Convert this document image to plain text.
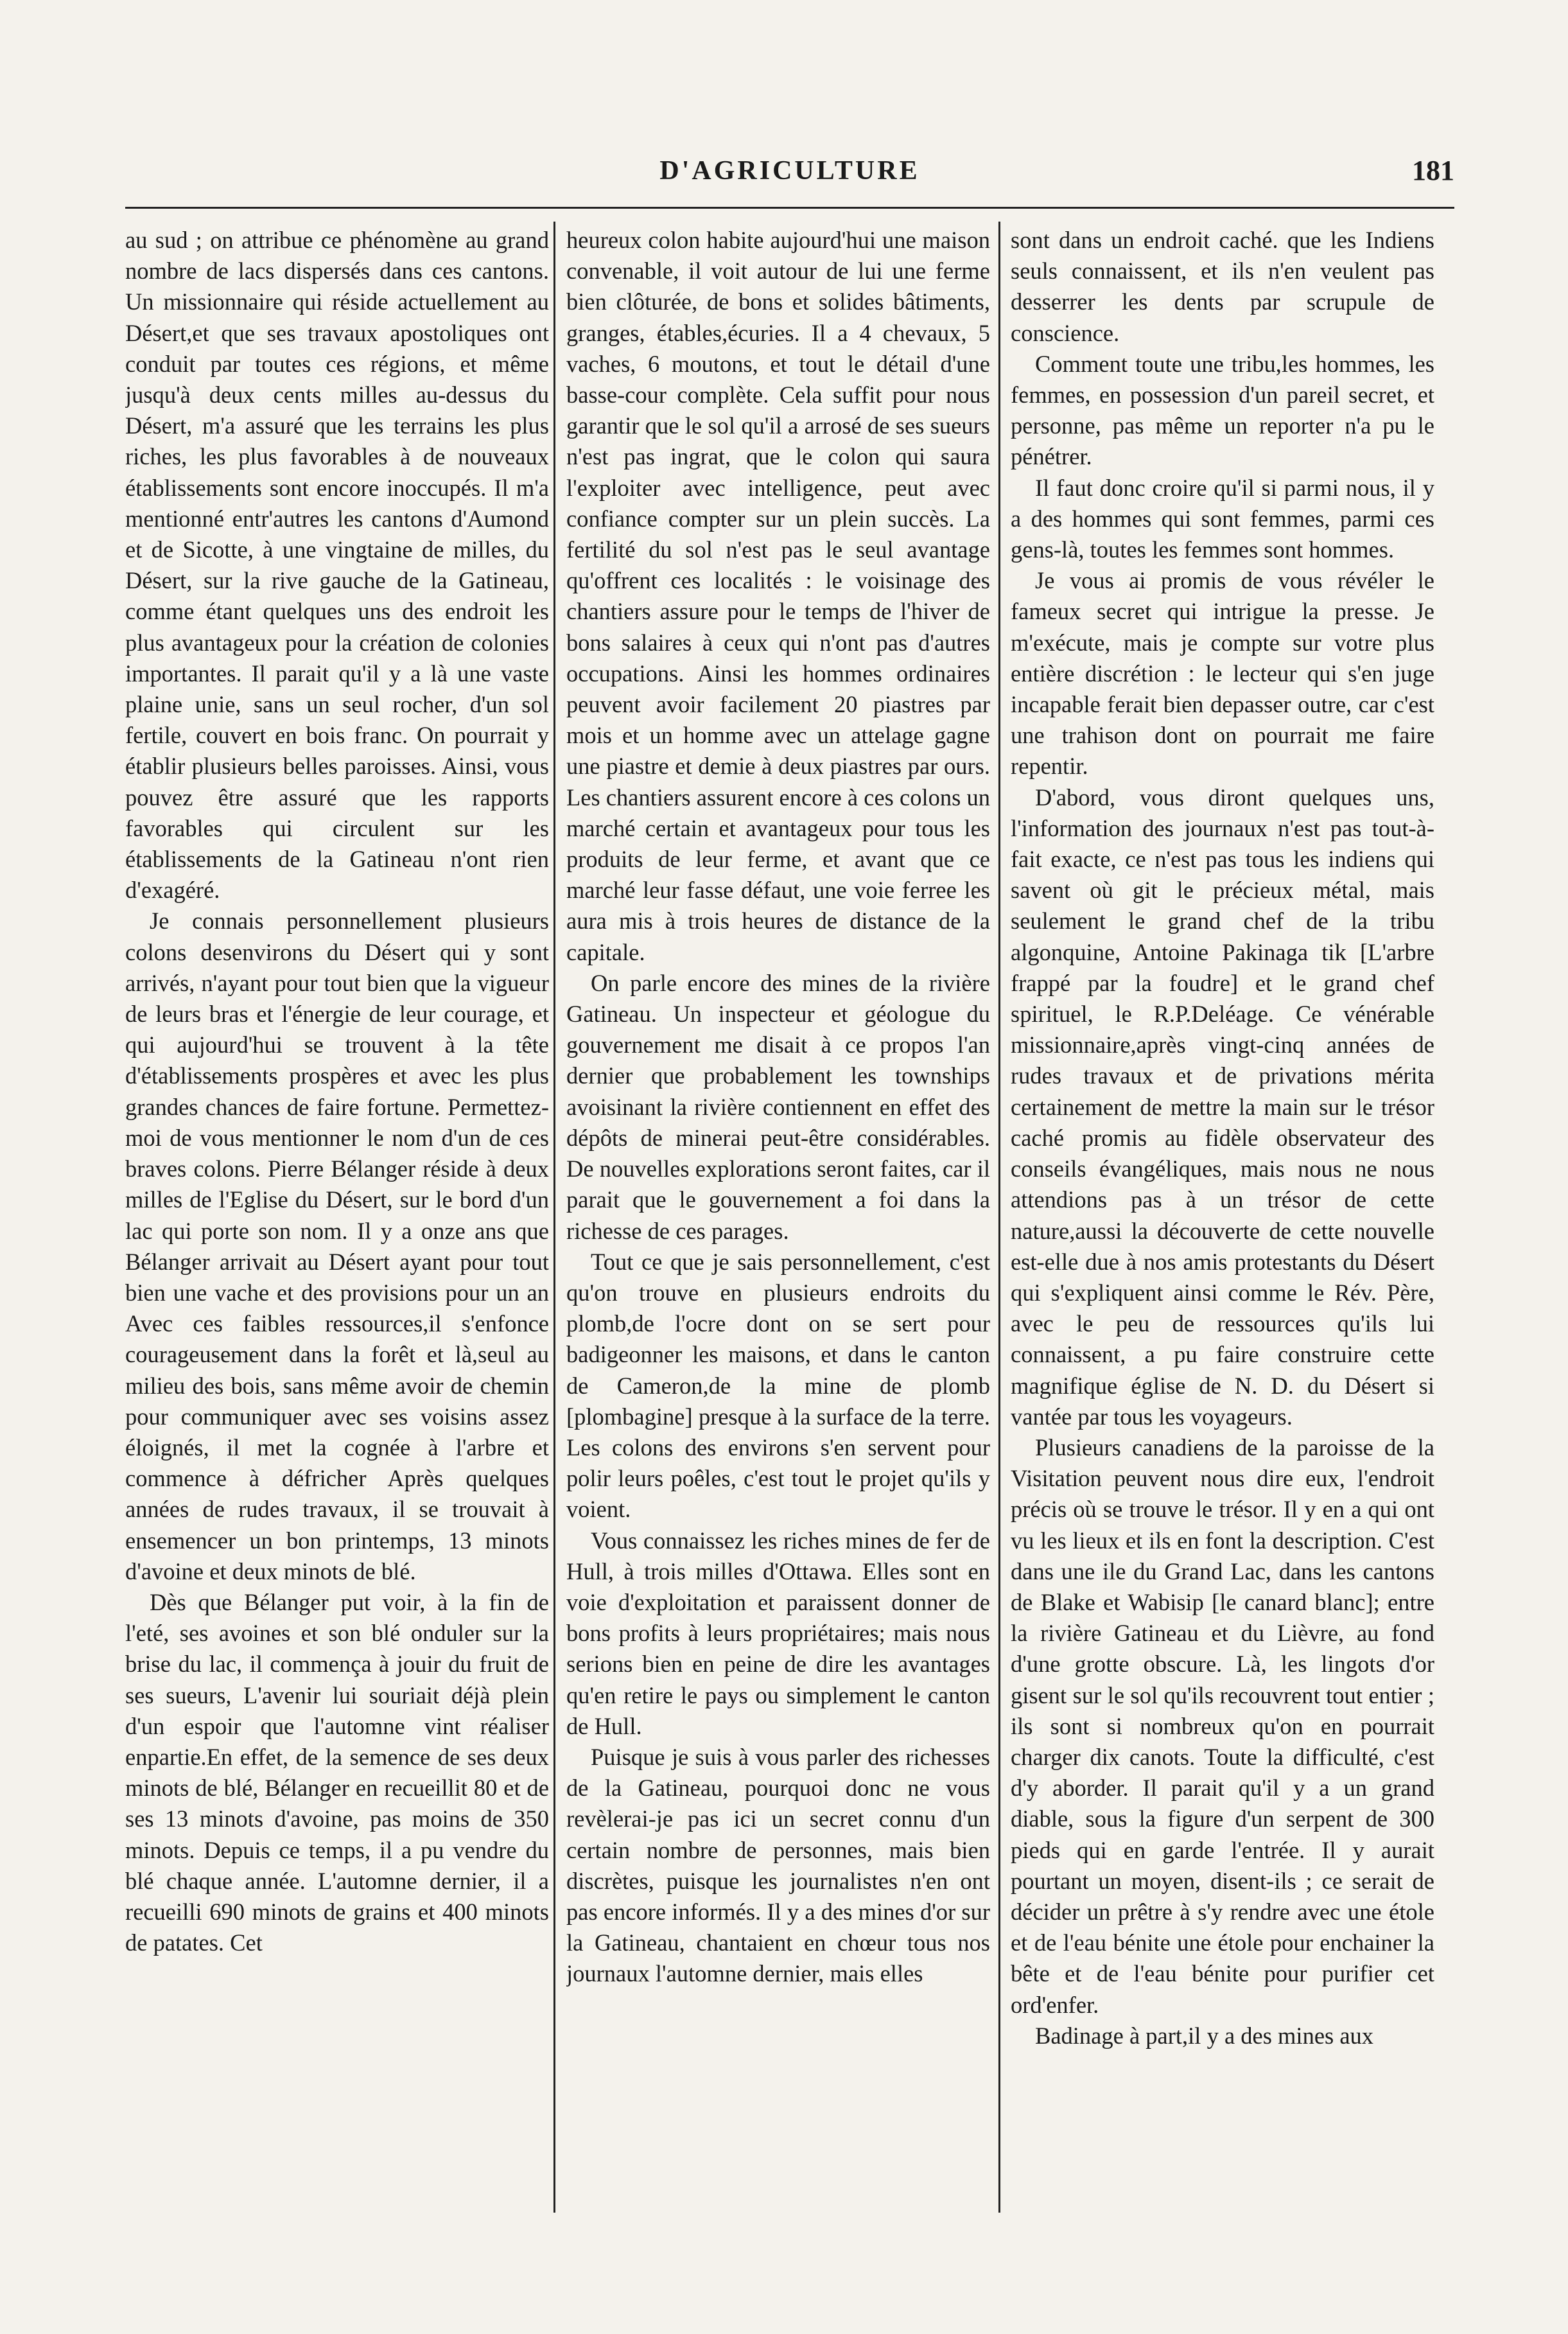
D'AGRICULTURE	181

au sud ; on attribue ce phénomène au grand nombre de lacs dispersés dans ces cantons. Un missionnaire qui réside actuellement au Désert,et que ses travaux apostoliques ont conduit par toutes ces régions, et même jusqu'à deux cents milles au-dessus du Désert, m'a assuré que les terrains les plus riches, les plus favorables à de nouveaux établissements sont encore inoccupés. Il m'a mentionné entr'autres les cantons d'Aumond et de Sicotte, à une vingtaine de milles, du Désert, sur la rive gauche de la Gatineau, comme étant quelques uns des endroit les plus avantageux pour la création de colonies importantes. Il parait qu'il y a là une vaste plaine unie, sans un seul rocher, d'un sol fertile, couvert en bois franc. On pourrait y établir plusieurs belles paroisses. Ainsi, vous pouvez être assuré que les rapports favorables qui circulent sur les établissements de la Gatineau n'ont rien d'exagéré.

Je connais personnellement plusieurs colons desenvirons du Désert qui y sont arrivés, n'ayant pour tout bien que la vigueur de leurs bras et l'énergie de leur courage, et qui aujourd'hui se trouvent à la tête d'établissements prospères et avec les plus grandes chances de faire fortune. Permettez-moi de vous mentionner le nom d'un de ces braves colons. Pierre Bélanger réside à deux milles de l'Eglise du Désert, sur le bord d'un lac qui porte son nom. Il y a onze ans que Bélanger arrivait au Désert ayant pour tout bien une vache et des provisions pour un an Avec ces faibles ressources,il s'enfonce courageusement dans la forêt et là,seul au milieu des bois, sans même avoir de chemin pour communiquer avec ses voisins assez éloignés, il met la cognée à l'arbre et commence à défricher Après quelques années de rudes travaux, il se trouvait à ensemencer un bon printemps, 13 minots d'avoine et deux minots de blé.

Dès que Bélanger put voir, à la fin de l'eté, ses avoines et son blé onduler sur la brise du lac, il commença à jouir du fruit de ses sueurs, L'avenir lui souriait déjà plein d'un espoir que l'automne vint réaliser enpartie.En effet, de la semence de ses deux minots de blé, Bélanger en recueillit 80 et de ses 13 minots d'avoine, pas moins de 350 minots. Depuis ce temps, il a pu vendre du blé chaque année. L'automne dernier, il a recueilli 690 minots de grains et 400 minots de patates. Cet

heureux colon habite aujourd'hui une maison convenable, il voit autour de lui une ferme bien clôturée, de bons et solides bâtiments, granges, étables,écuries. Il a 4 chevaux, 5 vaches, 6 moutons, et tout le détail d'une basse-cour complète. Cela suffit pour nous garantir que le sol qu'il a arrosé de ses sueurs n'est pas ingrat, que le colon qui saura l'exploiter avec intelligence, peut avec confiance compter sur un plein succès. La fertilité du sol n'est pas le seul avantage qu'offrent ces localités : le voisinage des chantiers assure pour le temps de l'hiver de bons salaires à ceux qui n'ont pas d'autres occupations. Ainsi les hommes ordinaires peuvent avoir facilement 20 piastres par mois et un homme avec un attelage gagne une piastre et demie à deux piastres par ours. Les chantiers assurent encore à ces colons un marché certain et avantageux pour tous les produits de leur ferme, et avant que ce marché leur fasse défaut, une voie ferree les aura mis à trois heures de distance de la capitale.

On parle encore des mines de la rivière Gatineau. Un inspecteur et géologue du gouvernement me disait à ce propos l'an dernier que probablement les townships avoisinant la rivière contiennent en effet des dépôts de minerai peut-être considérables. De nouvelles explorations seront faites, car il parait que le gouvernement a foi dans la richesse de ces parages.

Tout ce que je sais personnellement, c'est qu'on trouve en plusieurs endroits du plomb,de l'ocre dont on se sert pour badigeonner les maisons, et dans le canton de Cameron,de la mine de plomb [plombagine] presque à la surface de la terre. Les colons des environs s'en servent pour polir leurs poêles, c'est tout le projet qu'ils y voient.

Vous connaissez les riches mines de fer de Hull, à trois milles d'Ottawa. Elles sont en voie d'exploitation et paraissent donner de bons profits à leurs propriétaires; mais nous serions bien en peine de dire les avantages qu'en retire le pays ou simplement le canton de Hull.

Puisque je suis à vous parler des richesses de la Gatineau, pourquoi donc ne vous revèlerai-je pas ici un secret connu d'un certain nombre de personnes, mais bien discrètes, puisque les journalistes n'en ont pas encore informés. Il y a des mines d'or sur la Gatineau, chantaient en chœur tous nos journaux l'automne dernier, mais elles

sont dans un endroit caché. que les Indiens seuls connaissent, et ils n'en veulent pas desserrer les dents par scrupule de conscience.

Comment toute une tribu,les hommes, les femmes, en possession d'un pareil secret, et personne, pas même un reporter n'a pu le pénétrer.

Il faut donc croire qu'il si parmi nous, il y a des hommes qui sont femmes, parmi ces gens-là, toutes les femmes sont hommes.

Je vous ai promis de vous révéler le fameux secret qui intrigue la presse. Je m'exécute, mais je compte sur votre plus entière discrétion : le lecteur qui s'en juge incapable ferait bien depasser outre, car c'est une trahison dont on pourrait me faire repentir.

D'abord, vous diront quelques uns, l'information des journaux n'est pas tout-à-fait exacte, ce n'est pas tous les indiens qui savent où git le précieux métal, mais seulement le grand chef de la tribu algonquine, Antoine Pakinaga tik [L'arbre frappé par la foudre] et le grand chef spirituel, le R.P.Deléage. Ce vénérable missionnaire,après vingt-cinq années de rudes travaux et de privations mérita certainement de mettre la main sur le trésor caché promis au fidèle observateur des conseils évangéliques, mais nous ne nous attendions pas à un trésor de cette nature,aussi la découverte de cette nouvelle est-elle due à nos amis protestants du Désert qui s'expliquent ainsi comme le Rév. Père, avec le peu de ressources qu'ils lui connaissent, a pu faire construire cette magnifique église de N. D. du Désert si vantée par tous les voyageurs.

Plusieurs canadiens de la paroisse de la Visitation peuvent nous dire eux, l'endroit précis où se trouve le trésor. Il y en a qui ont vu les lieux et ils en font la description. C'est dans une ile du Grand Lac, dans les cantons de Blake et Wabisip [le canard blanc]; entre la rivière Gatineau et du Lièvre, au fond d'une grotte obscure. Là, les lingots d'or gisent sur le sol qu'ils recouvrent tout entier ; ils sont si nombreux qu'on en pourrait charger dix canots. Toute la difficulté, c'est d'y aborder. Il parait qu'il y a un grand diable, sous la figure d'un serpent de 300 pieds qui en garde l'entrée. Il y aurait pourtant un moyen, disent-ils ; ce serait de décider un prêtre à s'y rendre avec une étole et de l'eau bénite une étole pour enchainer la bête et de l'eau bénite pour purifier cet ord'enfer.

Badinage à part,il y a des mines aux
